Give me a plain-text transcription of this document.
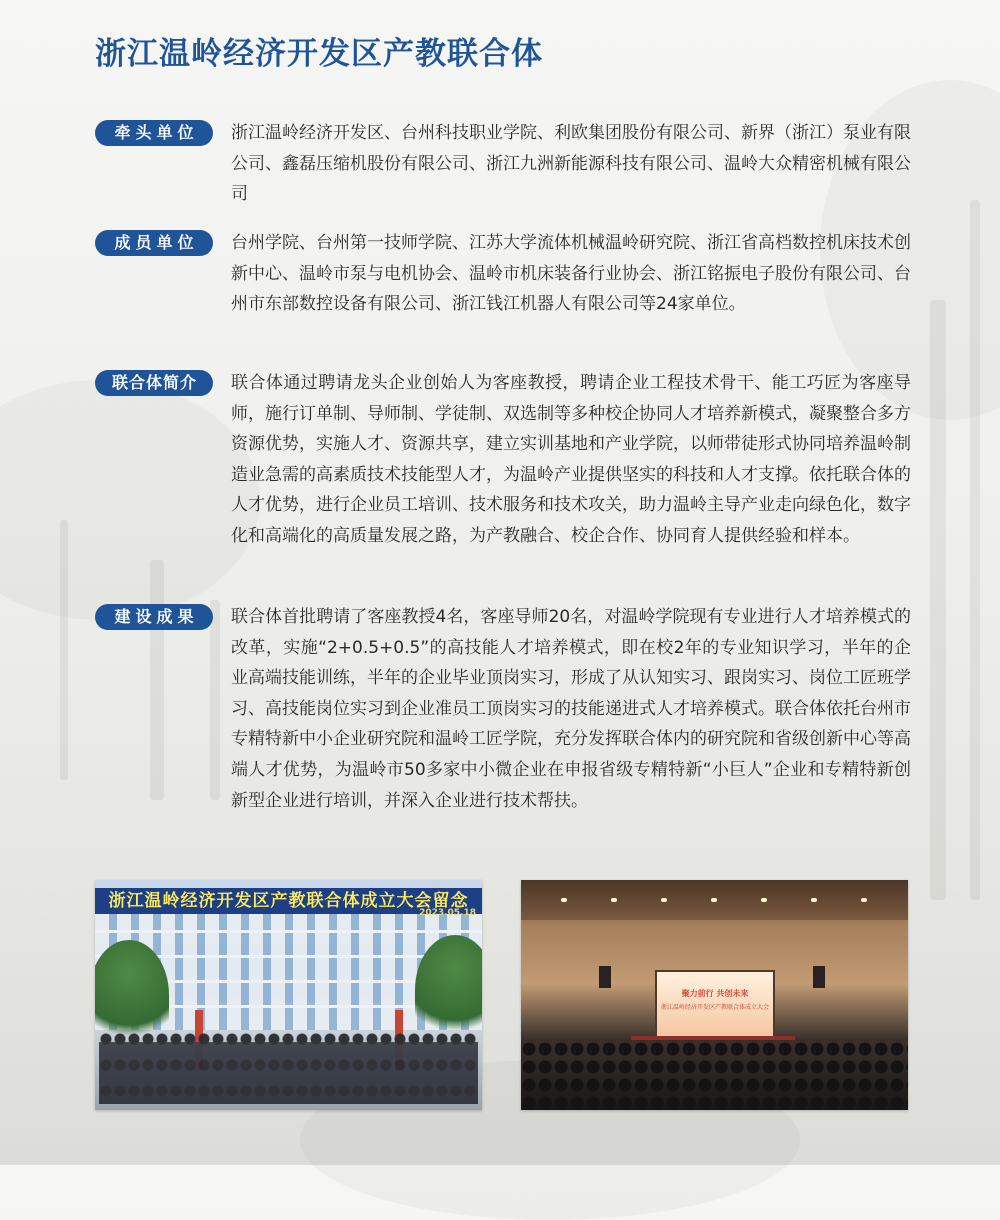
浙江温岭经济开发区产教联合体
牵头单位	浙江温岭经济开发区、台州科技职业学院、利欧集团股份有限公司、新界（浙江）泵业有限公司、鑫磊压缩机股份有限公司、浙江九洲新能源科技有限公司、温岭大众精密机械有限公司

成员单位	台州学院、台州第一技师学院、江苏大学流体机械温岭研究院、浙江省高档数控机床技术创新中心、温岭市泵与电机协会、温岭市机床装备行业协会、浙江铭振电子股份有限公司、台州市东部数控设备有限公司、浙江钱江机器人有限公司等24家单位。

联合体简介	联合体通过聘请龙头企业创始人为客座教授，聘请企业工程技术骨干、能工巧匠为客座导师，施行订单制、导师制、学徒制、双选制等多种校企协同人才培养新模式，凝聚整合多方资源优势，实施人才、资源共享，建立实训基地和产业学院，以师带徒形式协同培养温岭制造业急需的高素质技术技能型人才，为温岭产业提供坚实的科技和人才支撑。依托联合体的人才优势，进行企业员工培训、技术服务和技术攻关，助力温岭主导产业走向绿色化，数字化和高端化的高质量发展之路，为产教融合、校企合作、协同育人提供经验和样本。

建设成果	联合体首批聘请了客座教授4名，客座导师20名，对温岭学院现有专业进行人才培养模式的改革，实施“2+0.5+0.5”的高技能人才培养模式，即在校2年的专业知识学习，半年的企业高端技能训练，半年的企业毕业顶岗实习，形成了从认知实习、跟岗实习、岗位工匠班学习、高技能岗位实习到企业准员工顶岗实习的技能递进式人才培养模式。联合体依托台州市专精特新中小企业研究院和温岭工匠学院，充分发挥联合体内的研究院和省级创新中心等高端人才优势，为温岭市50多家中小微企业在申报省级专精特新“小巨人”企业和专精特新创新型企业进行培训，并深入企业进行技术帮扶。

浙江温岭经济开发区产教联合体成立大会留念
2023.05.18
聚力前行 共创未来
浙江温岭经济开发区产教联合体成立大会
